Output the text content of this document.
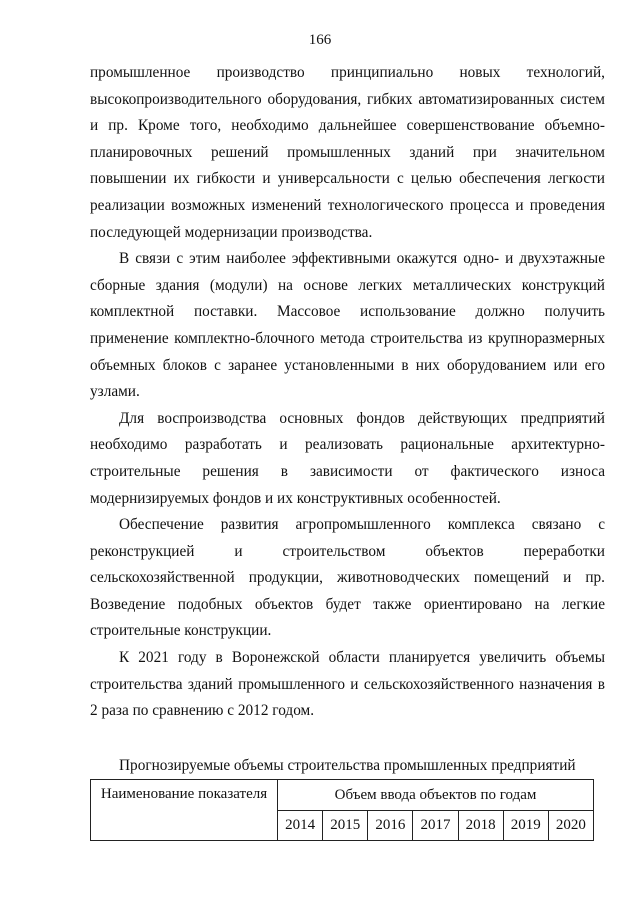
166

промышленное производство принципиально новых технологий, высокопроизводительного оборудования, гибких автоматизированных систем и пр. Кроме того, необходимо дальнейшее совершенствование объемно-планировочных решений промышленных зданий при значительном повышении их гибкости и универсальности с целью обеспечения легкости реализации возможных изменений технологического процесса и проведения последующей модернизации производства.

В связи с этим наиболее эффективными окажутся одно- и двухэтажные сборные здания (модули) на основе легких металлических конструкций комплектной поставки. Массовое использование должно получить применение комплектно-блочного метода строительства из крупноразмерных объемных блоков с заранее установленными в них оборудованием или его узлами.

Для воспроизводства основных фондов действующих предприятий необходимо разработать и реализовать рациональные архитектурно-строительные решения в зависимости от фактического износа модернизируемых фондов и их конструктивных особенностей.

Обеспечение развития агропромышленного комплекса связано с реконструкцией и строительством объектов переработки сельскохозяйственной продукции, животноводческих помещений и пр. Возведение подобных объектов будет также ориентировано на легкие строительные конструкции.

К 2021 году в Воронежской области планируется увеличить объемы строительства зданий промышленного и сельскохозяйственного назначения в 2 раза по сравнению с 2012 годом.

Прогнозируемые объемы строительства промышленных предприятий

Наименование показателя	Объем ввода объектов по годам						
	2014	2015	2016	2017	2018	2019	2020
